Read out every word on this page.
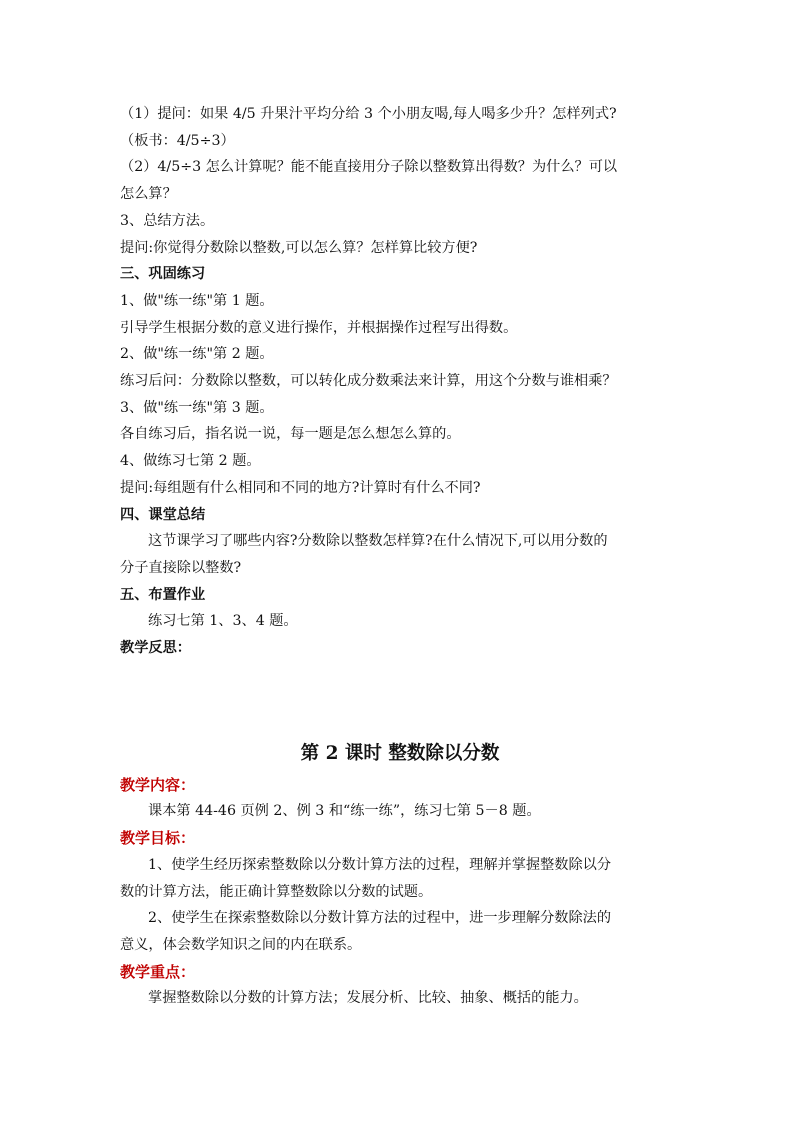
（1）提问：如果 4/5 升果汁平均分给 3 个小朋友喝,每人喝多少升？怎样列式?
（板书：4/5÷3）
（2）4/5÷3 怎么计算呢？能不能直接用分子除以整数算出得数？为什么？可以
怎么算？
3、总结方法。
提问:你觉得分数除以整数,可以怎么算？怎样算比较方便?
三、巩固练习
1、做"练一练"第 1 题。
引导学生根据分数的意义进行操作，并根据操作过程写出得数。
2、做"练一练"第 2 题。
练习后问：分数除以整数，可以转化成分数乘法来计算，用这个分数与谁相乘？
3、做"练一练"第 3 题。
各自练习后，指名说一说，每一题是怎么想怎么算的。
4、做练习七第 2 题。
提问:每组题有什么相同和不同的地方?计算时有什么不同?
四、课堂总结
这节课学习了哪些内容?分数除以整数怎样算?在什么情况下,可以用分数的
分子直接除以整数?
五、布置作业
练习七第 1、3、4 题。
教学反思：
第 2 课时 整数除以分数
教学内容：
课本第 44-46 页例 2、例 3 和“练一练”，练习七第 5－8 题。
教学目标：
1、使学生经历探索整数除以分数计算方法的过程，理解并掌握整数除以分
数的计算方法，能正确计算整数除以分数的试题。
2、使学生在探索整数除以分数计算方法的过程中，进一步理解分数除法的
意义，体会数学知识之间的内在联系。
教学重点：
掌握整数除以分数的计算方法；发展分析、比较、抽象、概括的能力。
